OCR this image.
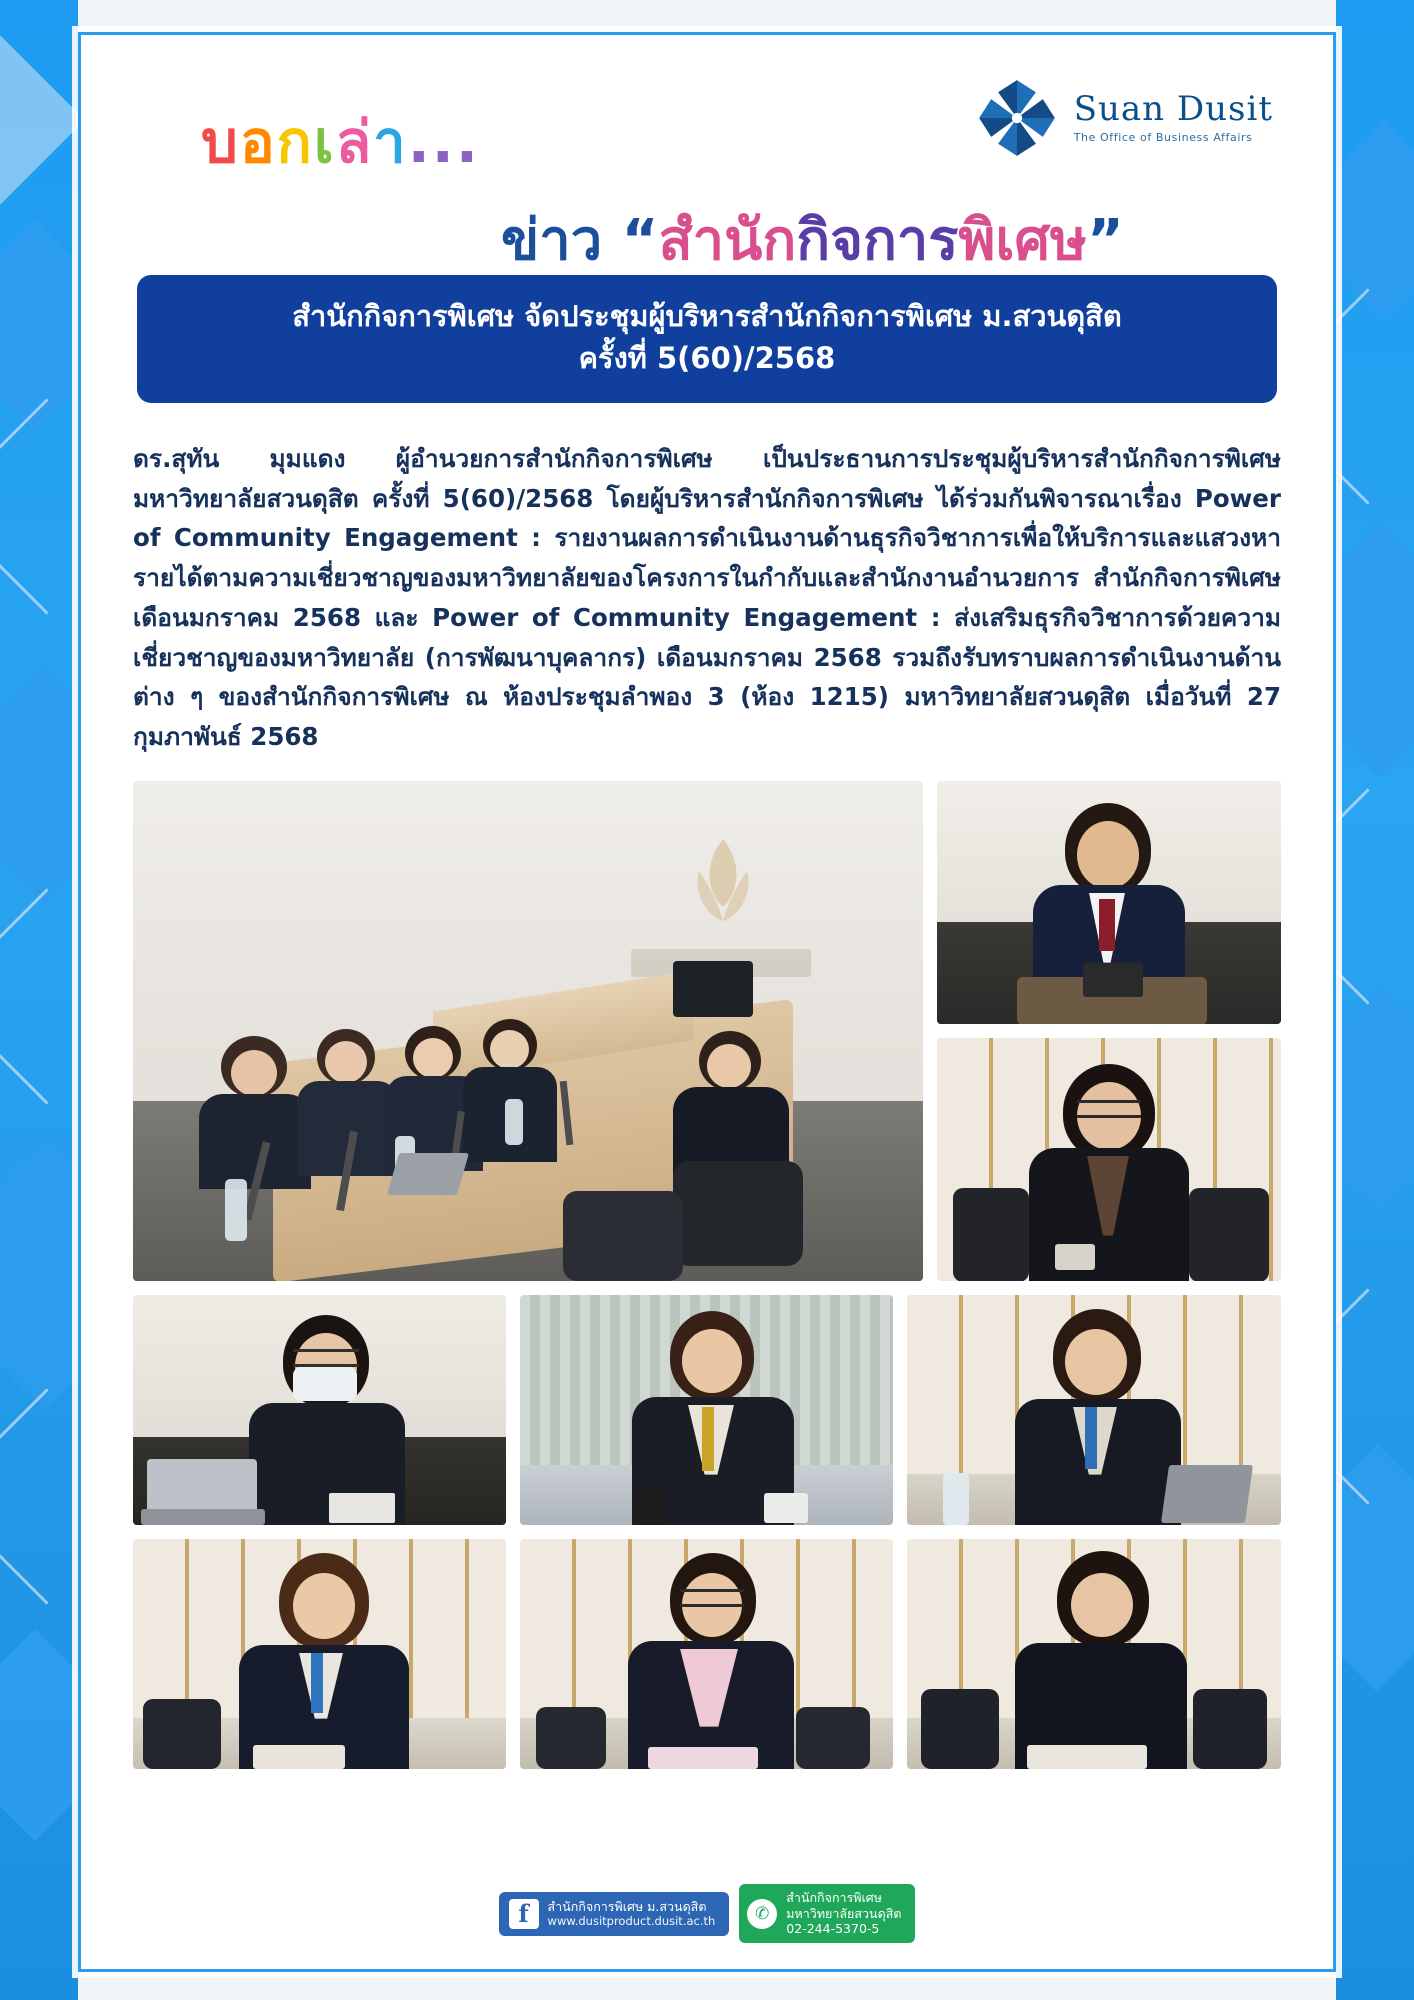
บอกเล่า...
ข่าว “สำนักกิจการพิเศษ”
Suan Dusit
The Office of Business Affairs
สำนักกิจการพิเศษ จัดประชุมผู้บริหารสำนักกิจการพิเศษ ม.สวนดุสิต
ครั้งที่ 5(60)/2568
ดร.สุทัน มุมแดง ผู้อำนวยการสำนักกิจการพิเศษ เป็นประธานการประชุมผู้บริหารสำนักกิจการพิเศษ มหาวิทยาลัยสวนดุสิต ครั้งที่ 5(60)/2568 โดยผู้บริหารสำนักกิจการพิเศษ ได้ร่วมกันพิจารณาเรื่อง Power of Community Engagement : รายงานผลการดำเนินงานด้านธุรกิจวิชาการเพื่อให้บริการและแสวงหารายได้ตามความเชี่ยวชาญของมหาวิทยาลัยของโครงการในกำกับและสำนักงานอำนวยการ สำนักกิจการพิเศษ เดือนมกราคม 2568 และ Power of Community Engagement : ส่งเสริมธุรกิจวิชาการด้วยความเชี่ยวชาญของมหาวิทยาลัย (การพัฒนาบุคลากร) เดือนมกราคม 2568 รวมถึงรับทราบผลการดำเนินงานด้านต่าง ๆ ของสำนักกิจการพิเศษ ณ ห้องประชุมลำพอง 3 (ห้อง 1215) มหาวิทยาลัยสวนดุสิต เมื่อวันที่ 27 กุมภาพันธ์ 2568
f	สำนักกิจการพิเศษ ม.สวนดุสิต
www.dusitproduct.dusit.ac.th	✆
สำนักกิจการพิเศษ
มหาวิทยาลัยสวนดุสิต
02-244-5370-5
